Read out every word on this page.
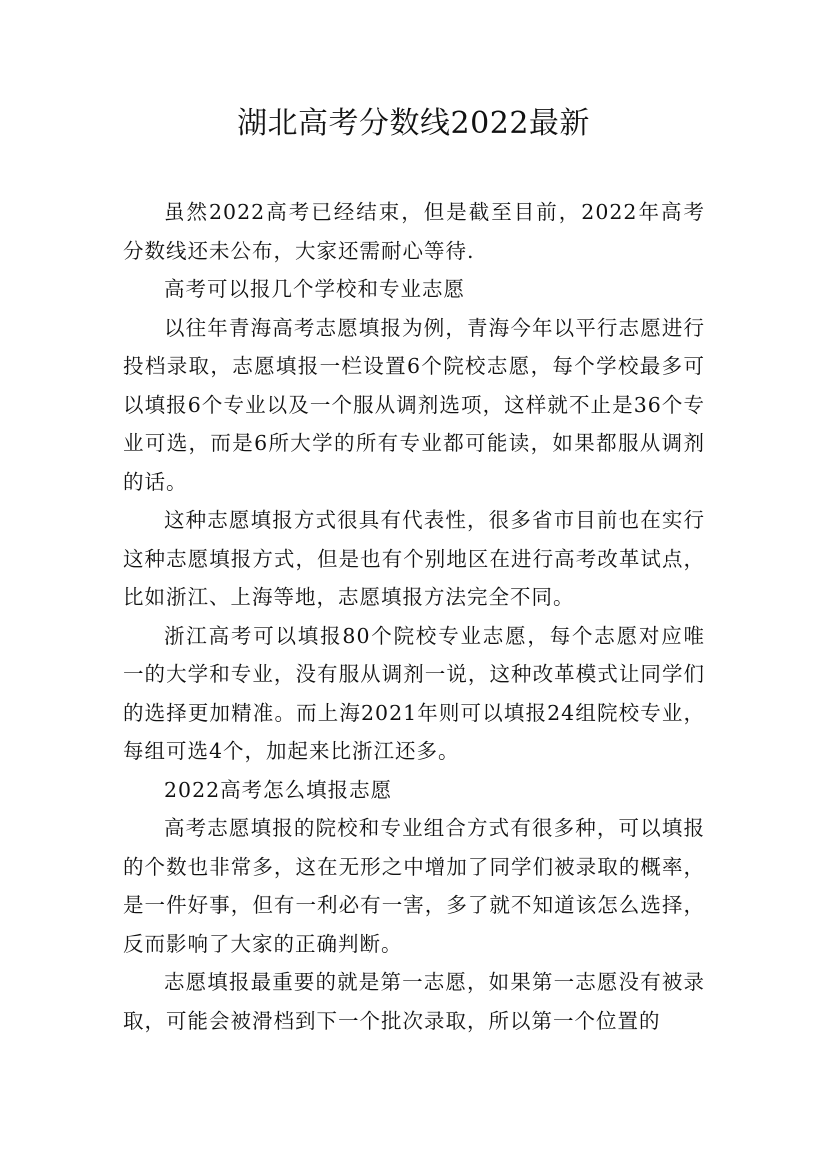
湖北高考分数线2022最新

虽然2022高考已经结束，但是截至目前，2022年高考分数线还未公布，大家还需耐心等待.

高考可以报几个学校和专业志愿

以往年青海高考志愿填报为例，青海今年以平行志愿进行投档录取，志愿填报一栏设置6个院校志愿，每个学校最多可以填报6个专业以及一个服从调剂选项，这样就不止是36个专业可选，而是6所大学的所有专业都可能读，如果都服从调剂的话。

这种志愿填报方式很具有代表性，很多省市目前也在实行这种志愿填报方式，但是也有个别地区在进行高考改革试点，比如浙江、上海等地，志愿填报方法完全不同。

浙江高考可以填报80个院校专业志愿，每个志愿对应唯一的大学和专业，没有服从调剂一说，这种改革模式让同学们的选择更加精准。而上海2021年则可以填报24组院校专业，每组可选4个，加起来比浙江还多。

2022高考怎么填报志愿

高考志愿填报的院校和专业组合方式有很多种，可以填报的个数也非常多，这在无形之中增加了同学们被录取的概率，是一件好事，但有一利必有一害，多了就不知道该怎么选择，反而影响了大家的正确判断。

志愿填报最重要的就是第一志愿，如果第一志愿没有被录取，可能会被滑档到下一个批次录取，所以第一个位置的
